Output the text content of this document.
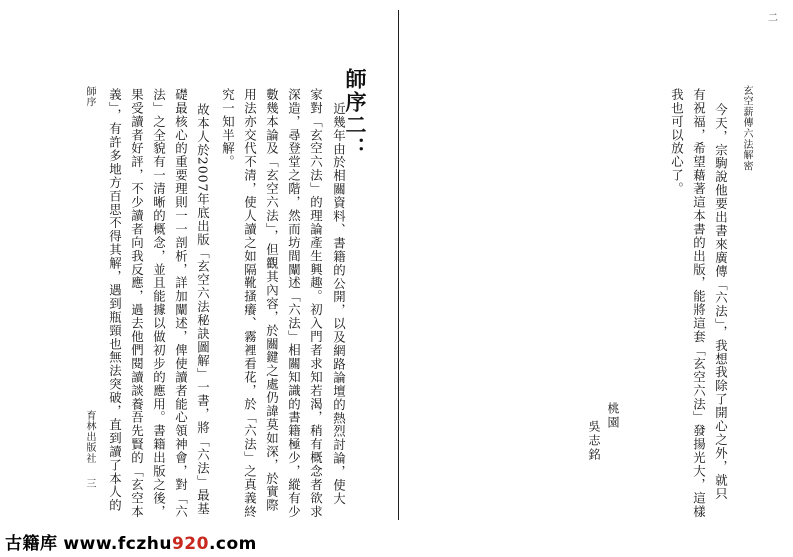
師序二：
近幾年由於相關資料、書籍的公開，以及網路論壇的熱烈討論，使大
家對「玄空六法」的理論產生興趣。初入門者求知若渴，稍有概念者欲求
深造，尋登堂之階，然而坊間闡述「六法」相關知識的書籍極少，縱有少
數幾本論及「玄空六法」，但觀其內容，於關鍵之處仍諱莫如深，於實際
用法亦交代不清，使人讀之如隔靴搔癢、霧裡看花，於「六法」之真義終
究一知半解。
故本人於2007年底出版「玄空六法秘訣圖解」一書，將「六法」最基
礎最核心的重要理則一一剖析，詳加闡述，俾使讀者能心領神會，對「六
法」之全貌有一清晰的概念，並且能據以做初步的應用。書籍出版之後，
果受讀者好評，不少讀者向我反應，過去他們閱讀談養吾先賢的「玄空本
義」，有許多地方百思不得其解，遇到瓶頸也無法突破，直到讀了本人的
師序
育林出版社
三
玄空薪傳六法解密
二
今天，宗駒說他要出書來廣傳「六法」，我想我除了開心之外，就只
有祝福，希望藉著這本書的出版，能將這套「玄空六法」發揚光大，這樣
我也可以放心了。
桃園
吳志銘
古籍库 www.fczhu920.com
